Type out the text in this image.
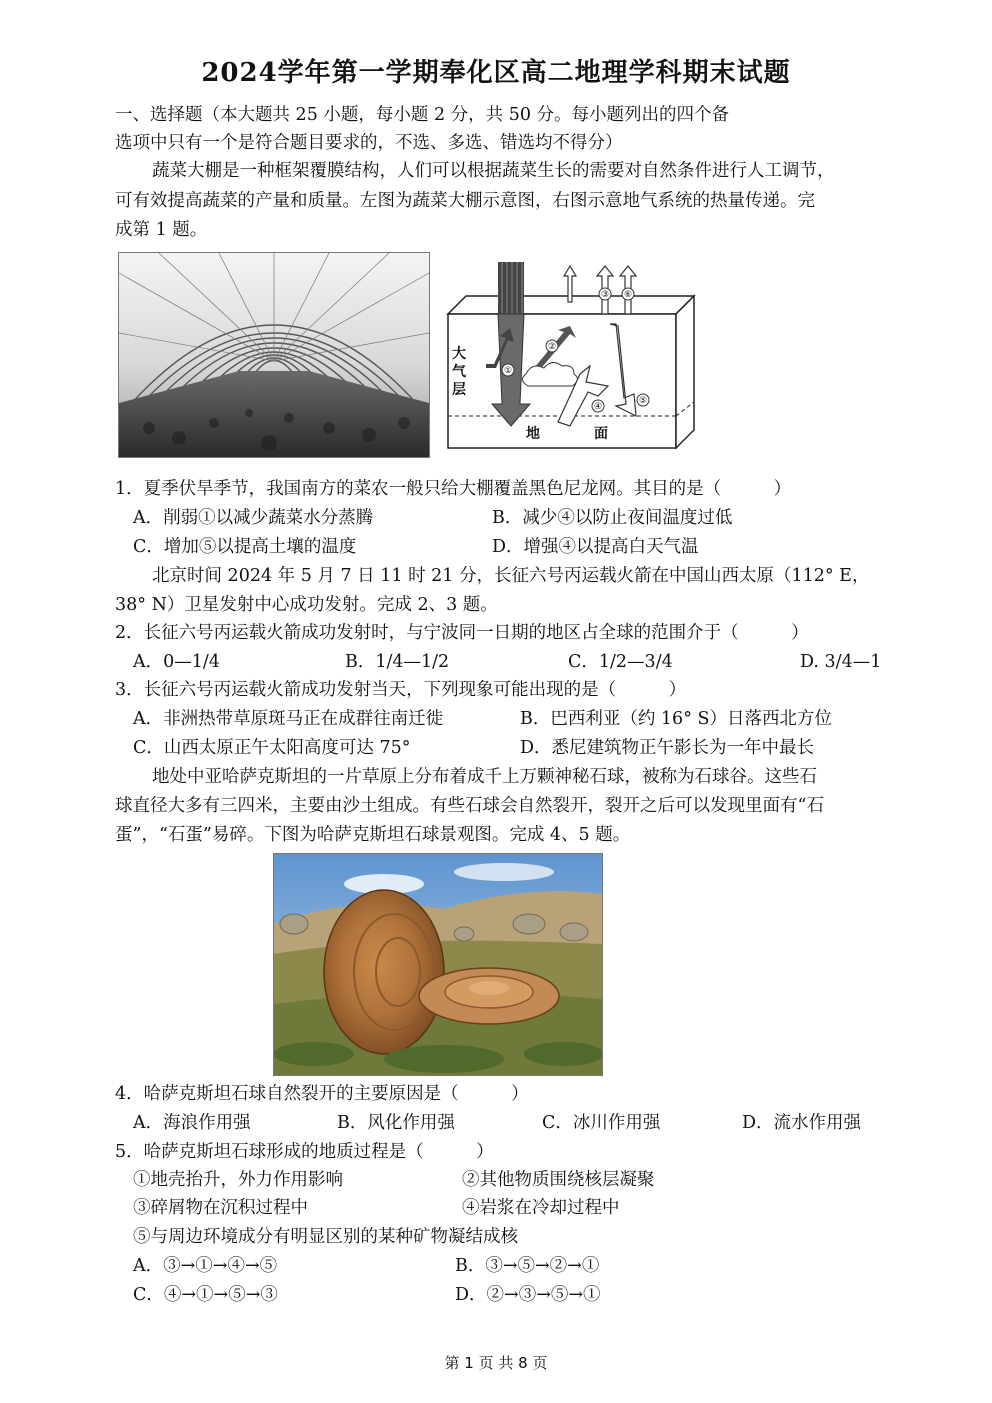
2024学年第一学期奉化区高二地理学科期末试题
一、选择题（本大题共 25 小题，每小题 2 分，共 50 分。每小题列出的四个备
选项中只有一个是符合题目要求的，不选、多选、错选均不得分）
蔬菜大棚是一种框架覆膜结构，人们可以根据蔬菜生长的需要对自然条件进行人工调节，
可有效提高蔬菜的产量和质量。左图为蔬菜大棚示意图，右图示意地气系统的热量传递。完
成第 1 题。
①
②
③
④
⑤
⑥
大
气
层
地	面
1．夏季伏旱季节，我国南方的菜农一般只给大棚覆盖黑色尼龙网。其目的是（　　　）
A．削弱①以减少蔬菜水分蒸腾	B．减少④以防止夜间温度过低
C．增加⑤以提高土壤的温度	D．增强④以提高白天气温
北京时间 2024 年 5 月 7 日 11 时 21 分，长征六号丙运载火箭在中国山西太原（112° E，
38° N）卫星发射中心成功发射。完成 2、3 题。
2．长征六号丙运载火箭成功发射时，与宁波同一日期的地区占全球的范围介于（　　　）
A．0—1/4	B．1/4—1/2	C．1/2—3/4	D. 3/4—1
3．长征六号丙运载火箭成功发射当天，下列现象可能出现的是（　　　）
A．非洲热带草原斑马正在成群往南迁徙	B．巴西利亚（约 16° S）日落西北方位
C．山西太原正午太阳高度可达 75°	D．悉尼建筑物正午影长为一年中最长
地处中亚哈萨克斯坦的一片草原上分布着成千上万颗神秘石球，被称为石球谷。这些石
球直径大多有三四米，主要由沙土组成。有些石球会自然裂开，裂开之后可以发现里面有“石
蛋”，“石蛋”易碎。下图为哈萨克斯坦石球景观图。完成 4、5 题。
4．哈萨克斯坦石球自然裂开的主要原因是（　　　）
A．海浪作用强	B．风化作用强	C．冰川作用强	D．流水作用强
5．哈萨克斯坦石球形成的地质过程是（　　　）
①地壳抬升，外力作用影响	②其他物质围绕核层凝聚
③碎屑物在沉积过程中	④岩浆在冷却过程中
⑤与周边环境成分有明显区别的某种矿物凝结成核
A．③→①→④→⑤	B．③→⑤→②→①
C．④→①→⑤→③	D．②→③→⑤→①
第 1 页 共 8 页
